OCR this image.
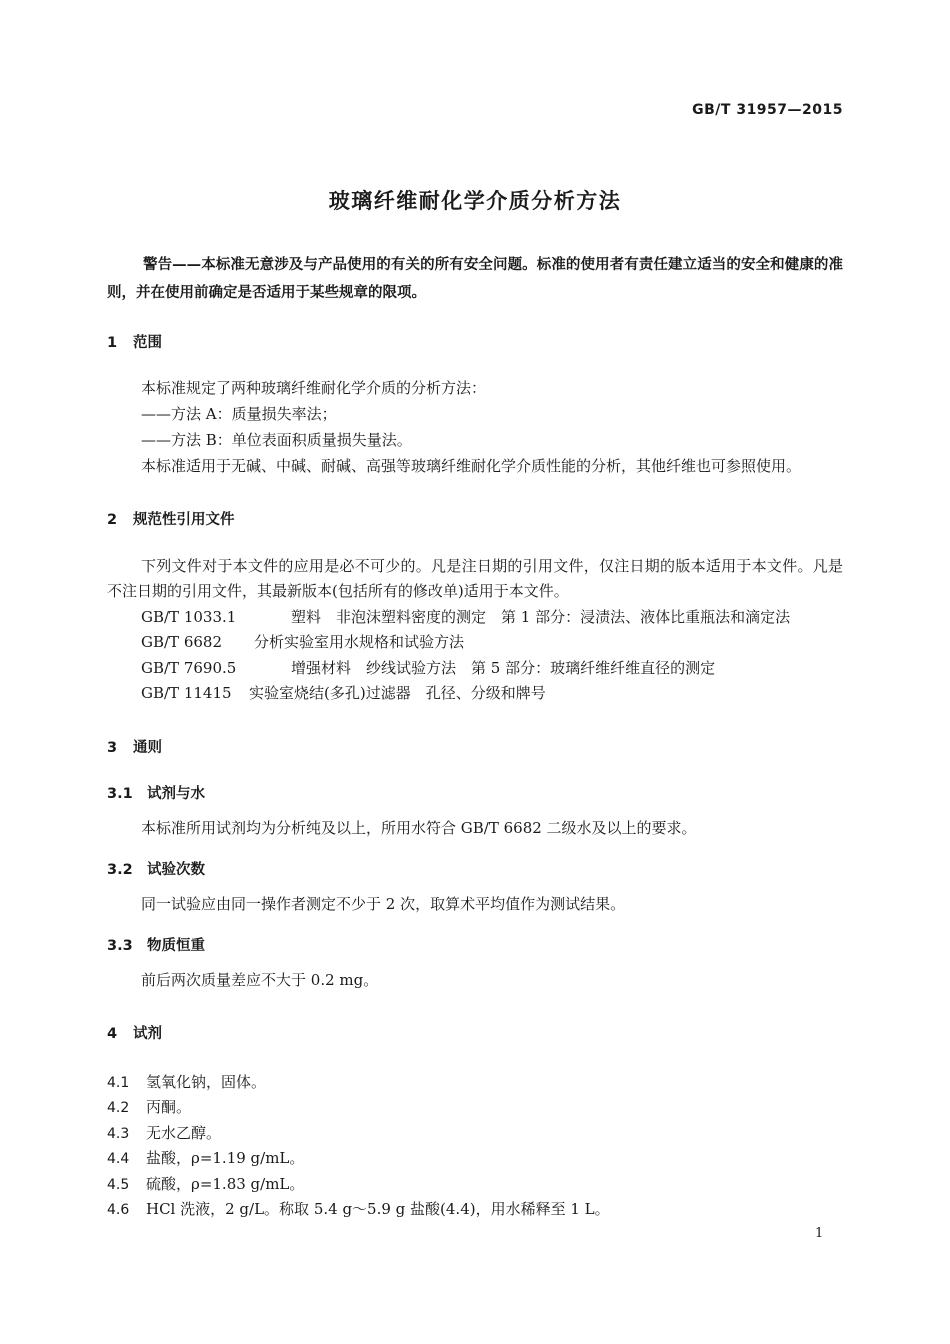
GB/T 31957—2015
玻璃纤维耐化学介质分析方法
警告——本标准无意涉及与产品使用的有关的所有安全问题。标准的使用者有责任建立适当的安全和健康的准则，并在使用前确定是否适用于某些规章的限项。
1 范围
本标准规定了两种玻璃纤维耐化学介质的分析方法：
——方法 A：质量损失率法；
——方法 B：单位表面积质量损失量法。
本标准适用于无碱、中碱、耐碱、高强等玻璃纤维耐化学介质性能的分析，其他纤维也可参照使用。
2 规范性引用文件
下列文件对于本文件的应用是必不可少的。凡是注日期的引用文件，仅注日期的版本适用于本文件。凡是不注日期的引用文件，其最新版本(包括所有的修改单)适用于本文件。
GB/T 1033.1	塑料　非泡沫塑料密度的测定　第 1 部分：浸渍法、液体比重瓶法和滴定法
GB/T 6682 分析实验室用水规格和试验方法
GB/T 7690.5	增强材料　纱线试验方法　第 5 部分：玻璃纤维纤维直径的测定
GB/T 11415 实验室烧结(多孔)过滤器　孔径、分级和牌号
3 通则
3.1 试剂与水
本标准所用试剂均为分析纯及以上，所用水符合 GB/T 6682 二级水及以上的要求。
3.2 试验次数
同一试验应由同一操作者测定不少于 2 次，取算术平均值作为测试结果。
3.3 物质恒重
前后两次质量差应不大于 0.2 mg。
4 试剂
4.1 氢氧化钠，固体。
4.2 丙酮。
4.3 无水乙醇。
4.4 盐酸，ρ=1.19 g/mL。
4.5 硫酸，ρ=1.83 g/mL。
4.6 HCl 洗液，2 g/L。称取 5.4 g～5.9 g 盐酸(4.4)，用水稀释至 1 L。
1
